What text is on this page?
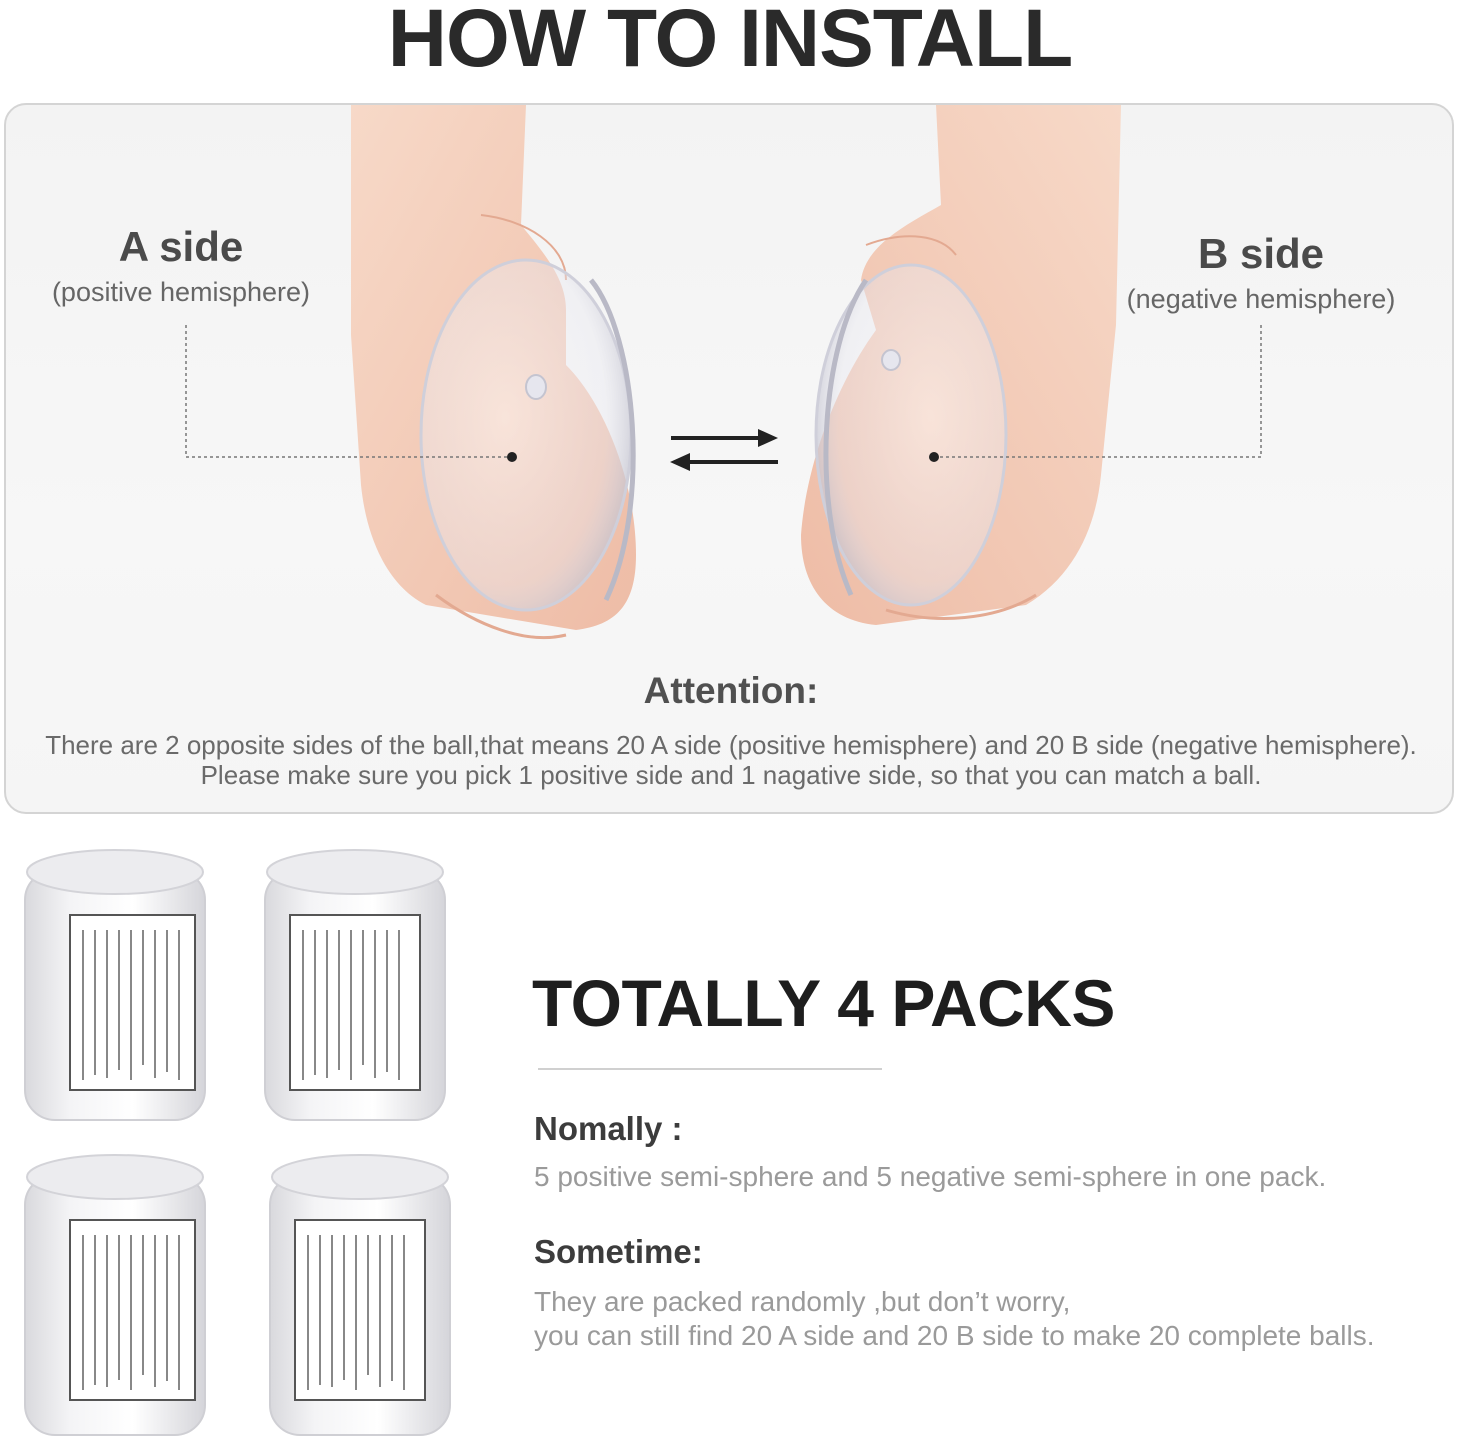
HOW TO INSTALL
A side
(positive hemisphere)
B side
(negative hemisphere)
Attention:
There are 2 opposite sides of the ball,that means 20 A side (positive hemisphere) and 20 B side (negative hemisphere).
Please make sure you pick 1 positive side and 1 nagative side, so that you can match a ball.
TOTALLY 4 PACKS
Nomally :
5 positive semi-sphere and 5 negative semi-sphere in one pack.
Sometime:
They are packed randomly ,but don’t worry,
you can still find 20 A side and 20 B side to make 20 complete balls.
